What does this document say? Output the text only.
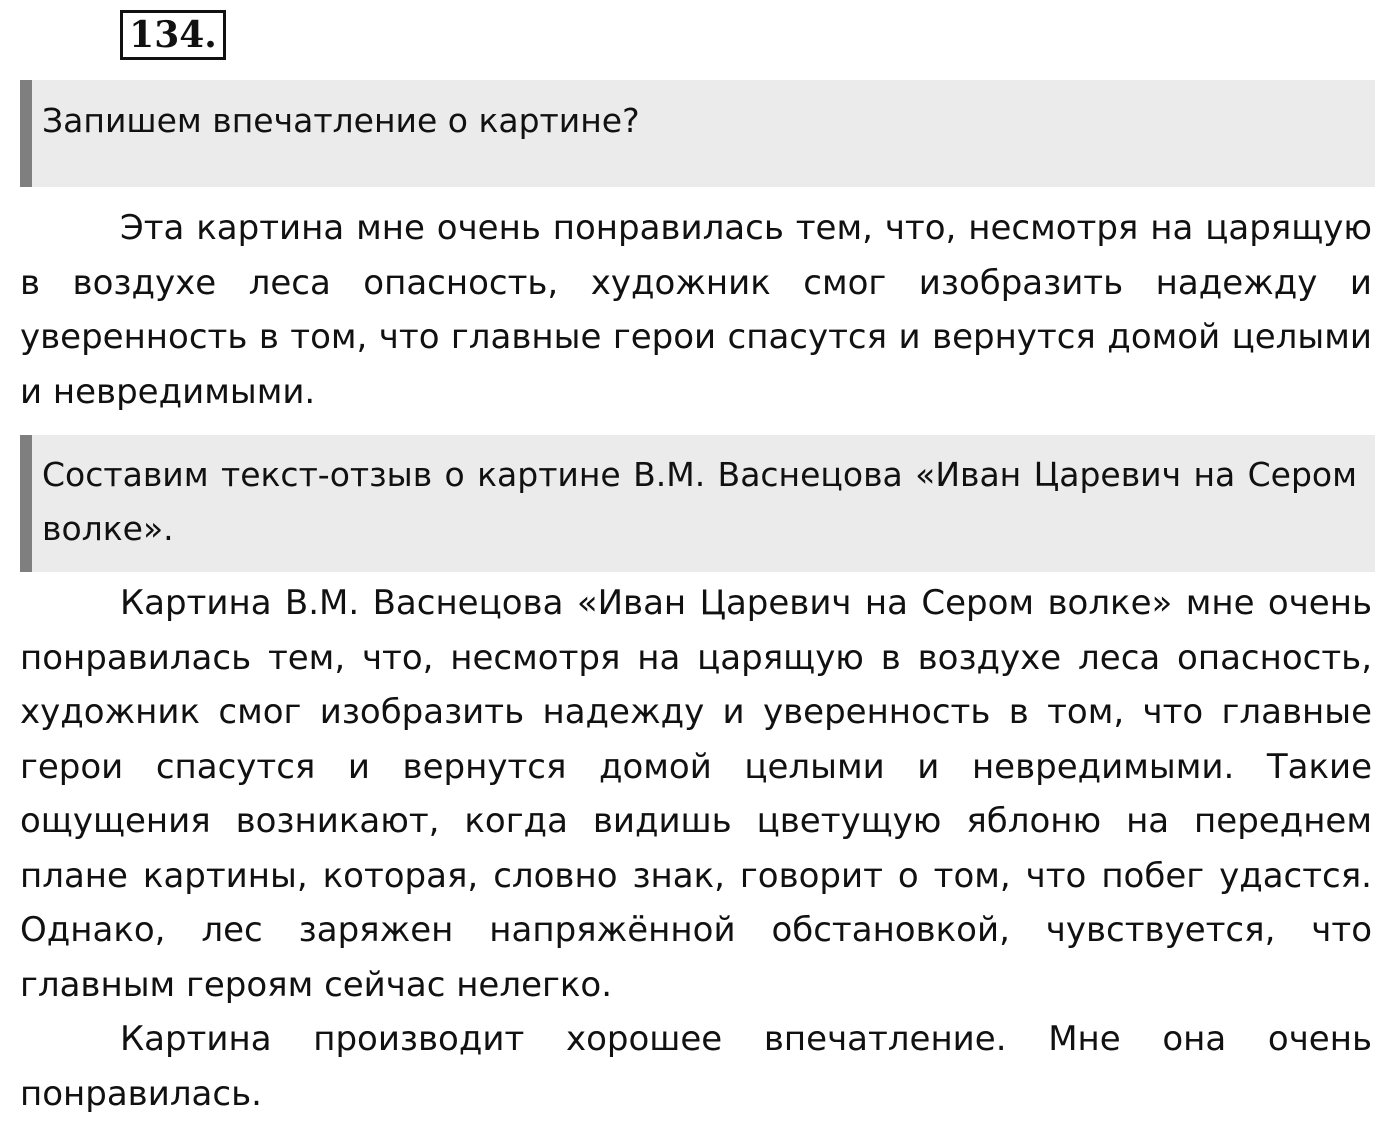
134.
Запишем впечатление о картине?

Эта картина мне очень понравилась тем, что, несмотря на царящую в воздухе леса опасность, художник смог изобразить надежду и уверенность в том, что главные герои спасутся и вернутся домой целыми и невредимыми.

Составим текст-отзыв о картине В.М. Васнецова «Иван Царевич на Сером волке».

Картина В.М. Васнецова «Иван Царевич на Сером волке» мне очень понравилась тем, что, несмотря на царящую в воздухе леса опасность, художник смог изобразить надежду и уверенность в том, что главные герои спасутся и вернутся домой целыми и невредимыми. Такие ощущения возникают, когда видишь цветущую яблоню на переднем плане картины, которая, словно знак, говорит о том, что побег удастся. Однако, лес заряжен напряжённой обстановкой, чувствуется, что главным героям сейчас нелегко.

Картина производит хорошее впечатление. Мне она очень понравилась.
